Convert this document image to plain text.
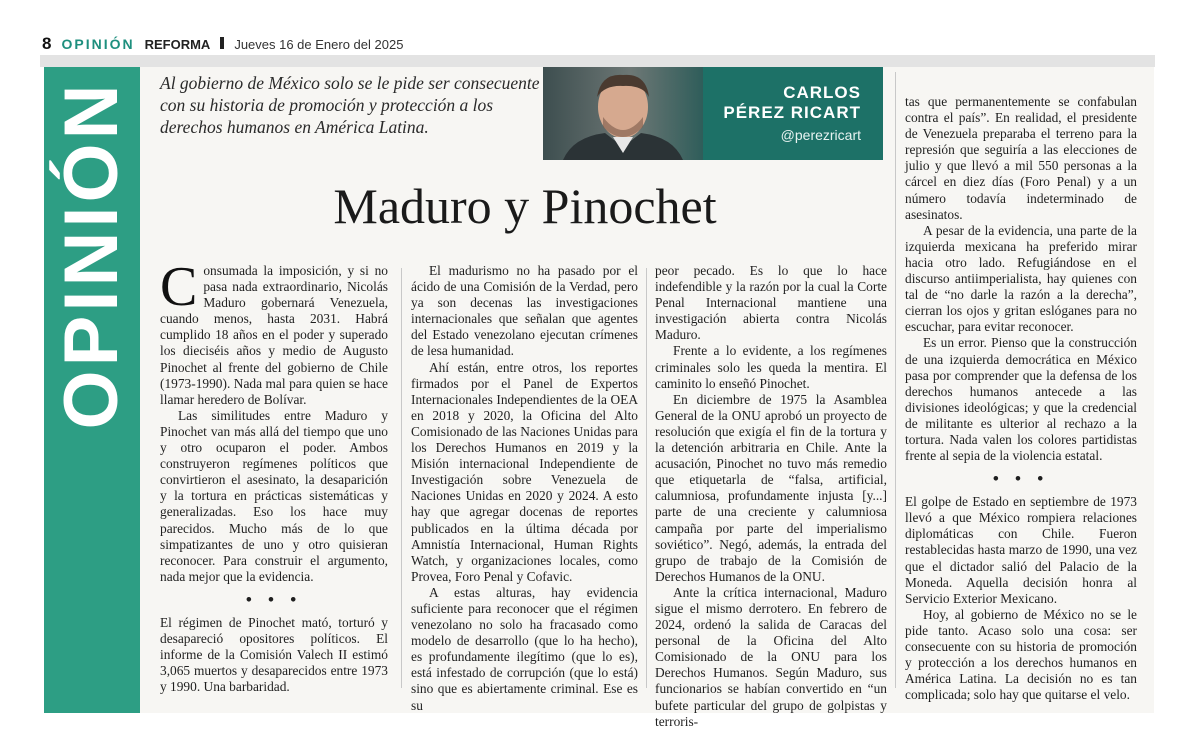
8 OPINIÓN REFORMA Jueves 16 de Enero del 2025
OPINIÓN Al gobierno de México solo se le pide ser consecuente con su historia de promoción y protección a los derechos humanos en América Latina.
CARLOS
PÉREZ RICART
@perezricart
Maduro y Pinochet

Consumada la imposición, y si no pasa nada extraordinario, Nicolás Maduro gobernará Venezuela, cuando menos, hasta 2031. Habrá cumplido 18 años en el poder y superado los dieciséis años y medio de Augusto Pinochet al frente del gobierno de Chile (1973-1990). Nada mal para quien se hace llamar heredero de Bolívar.

Las similitudes entre Maduro y Pinochet van más allá del tiempo que uno y otro ocuparon el poder. Ambos construyeron regímenes políticos que convirtieron el asesinato, la desaparición y la tortura en prácticas sistemáticas y generalizadas. Eso los hace muy parecidos. Mucho más de lo que simpatizantes de uno y otro quisieran reconocer. Para construir el argumento, nada mejor que la evidencia.

• • •

El régimen de Pinochet mató, torturó y desapareció opositores políticos. El informe de la Comisión Valech II estimó 3,065 muertos y desaparecidos entre 1973 y 1990. Una barbaridad.

El madurismo no ha pasado por el ácido de una Comisión de la Verdad, pero ya son decenas las investigaciones internacionales que señalan que agentes del Estado venezolano ejecutan crímenes de lesa humanidad.

Ahí están, entre otros, los reportes firmados por el Panel de Expertos Internacionales Independientes de la OEA en 2018 y 2020, la Oficina del Alto Comisionado de las Naciones Unidas para los Derechos Humanos en 2019 y la Misión internacional Independiente de Investigación sobre Venezuela de Naciones Unidas en 2020 y 2024. A esto hay que agregar docenas de reportes publicados en la última década por Amnistía Internacional, Human Rights Watch, y organizaciones locales, como Provea, Foro Penal y Cofavic.

A estas alturas, hay evidencia suficiente para reconocer que el régimen venezolano no solo ha fracasado como modelo de desarrollo (que lo ha hecho), es profundamente ilegítimo (que lo es), está infestado de corrupción (que lo está) sino que es abiertamente criminal. Ese es su

peor pecado. Es lo que lo hace indefendible y la razón por la cual la Corte Penal Internacional mantiene una investigación abierta contra Nicolás Maduro.

Frente a lo evidente, a los regímenes criminales solo les queda la mentira. El caminito lo enseñó Pinochet.

En diciembre de 1975 la Asamblea General de la ONU aprobó un proyecto de resolución que exigía el fin de la tortura y la detención arbitraria en Chile. Ante la acusación, Pinochet no tuvo más remedio que etiquetarla de “falsa, artificial, calumniosa, profundamente injusta [y...] parte de una creciente y calumniosa campaña por parte del imperialismo soviético”. Negó, además, la entrada del grupo de trabajo de la Comisión de Derechos Humanos de la ONU.

Ante la crítica internacional, Maduro sigue el mismo derrotero. En febrero de 2024, ordenó la salida de Caracas del personal de la Oficina del Alto Comisionado de la ONU para los Derechos Humanos. Según Maduro, sus funcionarios se habían convertido en “un bufete particular del grupo de golpistas y terroris-

tas que permanentemente se confabulan contra el país”. En realidad, el presidente de Venezuela preparaba el terreno para la represión que seguiría a las elecciones de julio y que llevó a mil 550 personas a la cárcel en diez días (Foro Penal) y a un número todavía indeterminado de asesinatos.

A pesar de la evidencia, una parte de la izquierda mexicana ha preferido mirar hacia otro lado. Refugiándose en el discurso antiimperialista, hay quienes con tal de “no darle la razón a la derecha”, cierran los ojos y gritan eslóganes para no escuchar, para evitar reconocer.

Es un error. Pienso que la construcción de una izquierda democrática en México pasa por comprender que la defensa de los derechos humanos antecede a las divisiones ideológicas; y que la credencial de militante es ulterior al rechazo a la tortura. Nada valen los colores partidistas frente al sepia de la violencia estatal.

• • •

El golpe de Estado en septiembre de 1973 llevó a que México rompiera relaciones diplomáticas con Chile. Fueron restablecidas hasta marzo de 1990, una vez que el dictador salió del Palacio de la Moneda. Aquella decisión honra al Servicio Exterior Mexicano.

Hoy, al gobierno de México no se le pide tanto. Acaso solo una cosa: ser consecuente con su historia de promoción y protección a los derechos humanos en América Latina. La decisión no es tan complicada; solo hay que quitarse el velo.
